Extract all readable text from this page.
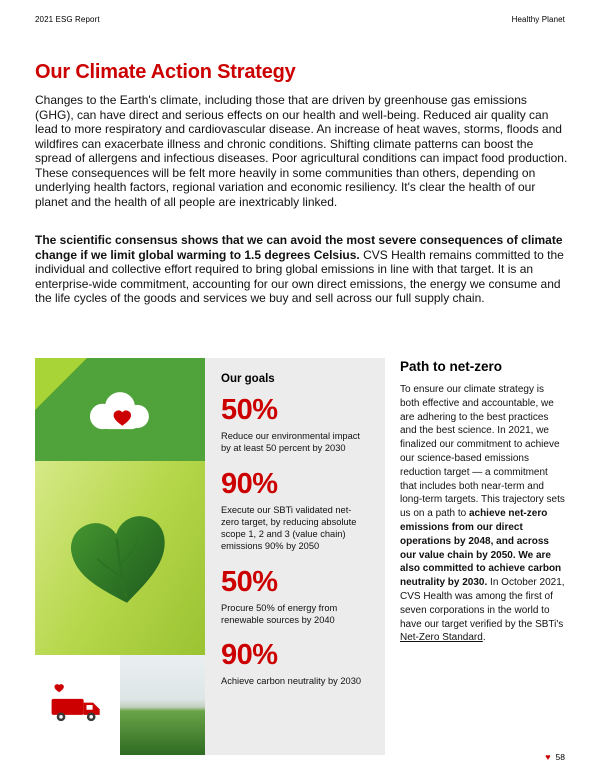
2021 ESG Report	Healthy Planet
Our Climate Action Strategy

Changes to the Earth's climate, including those that are driven by greenhouse gas emissions (GHG), can have direct and serious effects on our health and well-being. Reduced air quality can lead to more respiratory and cardiovascular disease. An increase of heat waves, storms, floods and wildfires can exacerbate illness and chronic conditions. Shifting climate patterns can boost the spread of allergens and infectious diseases. Poor agricultural conditions can impact food production. These consequences will be felt more heavily in some communities than others, depending on underlying health factors, regional variation and economic resiliency. It's clear the health of our planet and the health of all people are inextricably linked.

The scientific consensus shows that we can avoid the most severe consequences of climate change if we limit global warming to 1.5 degrees Celsius. CVS Health remains committed to the individual and collective effort required to bring global emissions in line with that target. It is an enterprise-wide commitment, accounting for our own direct emissions, the energy we consume and the life cycles of the goods and services we buy and sell across our full supply chain.

Our goals
50%

Reduce our environmental impact by at least 50 percent by 2030

90%

Execute our SBTi validated net-zero target, by reducing absolute scope 1, 2 and 3 (value chain) emissions 90% by 2050

50%

Procure 50% of energy from renewable sources by 2040

90%

Achieve carbon neutrality by 2030

Path to net-zero

To ensure our climate strategy is both effective and accountable, we are adhering to the best practices and the best science. In 2021, we finalized our commitment to achieve our science-based emissions reduction target — a commitment that includes both near-term and long-term targets. This trajectory sets us on a path to achieve net-zero emissions from our direct operations by 2048, and across our value chain by 2050. We are also committed to achieve carbon neutrality by 2030. In October 2021, CVS Health was among the first of seven corporations in the world to have our target verified by the SBTi's Net-Zero Standard.

♥ 58
